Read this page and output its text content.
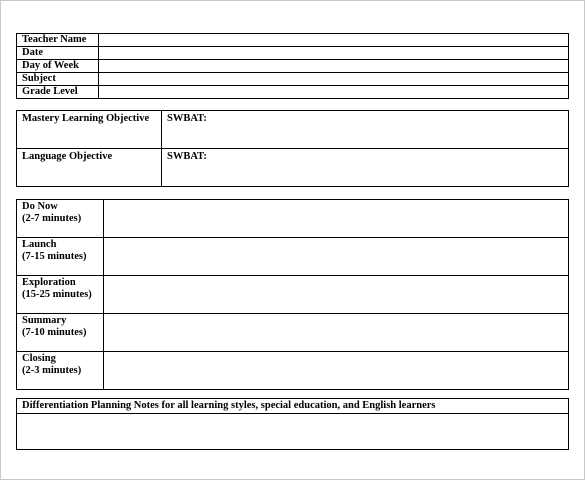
Teacher Name	
Date	
Day of Week	
Subject	
Grade Level	
Mastery Learning Objective	SWBAT:
Language Objective	SWBAT:
Do Now
(2-7 minutes)	

Launch
(7-15 minutes)	

Exploration
(15-25 minutes)	

Summary
(7-10 minutes)	

Closing
(2-3 minutes)	

Differentiation Planning Notes for all learning styles, special education, and English learners
